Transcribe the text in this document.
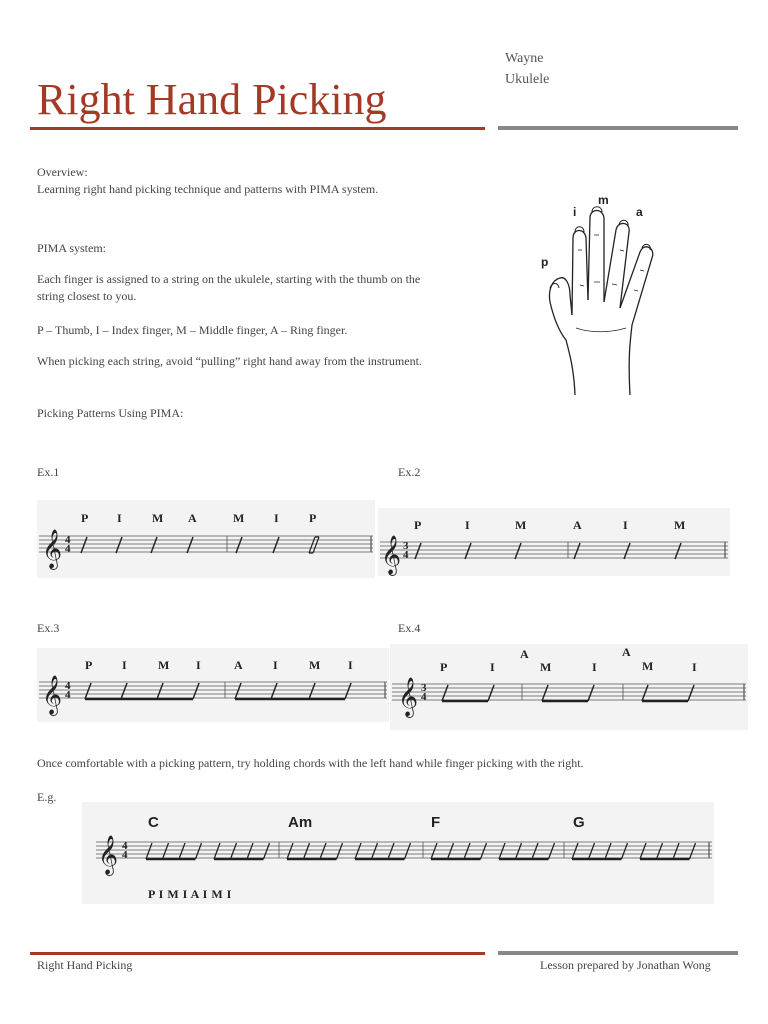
Right Hand Picking
Wayne
Ukulele
Overview:
Learning right hand picking technique and patterns with PIMA system.
PIMA system:
Each finger is assigned to a string on the ukulele, starting with the thumb on the
string closest to you.
P – Thumb, I – Index finger, M – Middle finger, A – Ring finger.
When picking each string, avoid “pulling” right hand away from the instrument.
i
m
a
p
Picking Patterns Using PIMA:
Ex.1
𝄞 4
4
P I	M A	M I	P
Ex.2
𝄞 3
4
P	I	M	A	I	M
Ex.3
𝄞 4
4
P I	M I	A	I	M I
Ex.4
𝄞 3
4
A	A
P	I	M	I	M	I
Once comfortable with a picking pattern, try holding chords with the left hand while finger picking with the right.
E.g.
𝄞 4
4
C	Am	F	G
P I M I A I M I
Right Hand Picking	Lesson prepared by Jonathan Wong
